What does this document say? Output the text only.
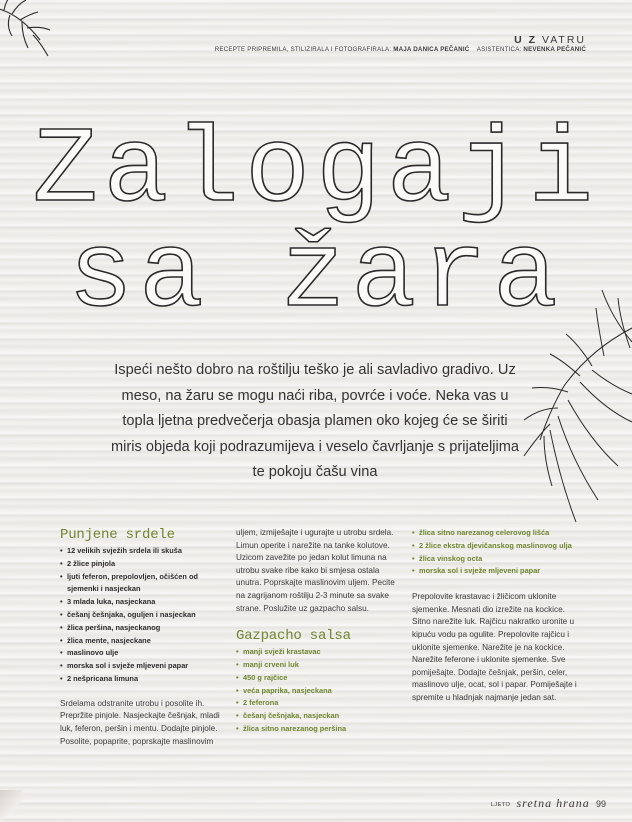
U Z VATRU
RECEPTE PRIPREMILA, STILIZIRALA I FOTOGRAFIRALA: MAJA DANICA PEČANIĆ ASISTENTICA: NEVENKA PEČANIĆ
Zalogaji
sa žara

Ispeći nešto dobro na roštilju teško je ali savladivo gradivo. Uz meso, na žaru se mogu naći riba, povrće i voće. Neka vas u topla ljetna predvečerja obasja plamen oko kojeg će se širiti miris objeda koji podrazumijeva i veselo čavrljanje s prijateljima te pokoju čašu vina

Punjene srdele
• 12 velikih svježih srdela ili skuša
• 2 žlice pinjola
• ljuti feferon, prepolovljen, očišćen od sjemenki i nasjeckan
• 3 mlada luka, nasjeckana
• češanj češnjaka, oguljen i nasjeckan
• žlica peršina, nasjeckanog
• žlica mente, nasjeckane
• maslinovo ulje
• morska sol i svježe mljeveni papar
• 2 nešpricana limuna

Srdelama odstranite utrobu i posolite ih. Prepržite pinjole. Nasjeckajte češnjak, mladi luk, feferon, peršin i mentu. Dodajte pinjole. Posolite, popaprite, poprskajte maslinovim

uljem, izmiješajte i ugurajte u utrobu srdela. Limun operite i narežite na tanke kolutove. Uzicom zavežite po jedan kolut limuna na utrobu svake ribe kako bi smjesa ostala unutra. Poprskajte maslinovim uljem. Pecite na zagrijanom roštilju 2-3 minute sa svake strane. Poslužite uz gazpacho salsu.

Gazpacho salsa
• manji svježi krastavac
• manji crveni luk
• 450 g rajčice
• veća paprika, nasjeckana
• 2 feferona
• češanj češnjaka, nasjeckan
• žlica sitno narezanog peršina
• žlica sitno narezanog celerovog lišća
• 2 žlice ekstra djevičanskog maslinovog ulja
• žlica vinskog octa
• morska sol i svježe mljeveni papar

Prepolovite krastavac i žličicom uklonite sjemenke. Mesnati dio izrežite na kockice. Sitno narežite luk. Rajčicu nakratko uronite u kipuću vodu pa ogulite. Prepolovite rajčicu i uklonite sjemenke. Narežite je na kockice. Narežite feferone i uklonite sjemenke. Sve pomiješajte. Dodajte češnjak, peršin, celer, maslinovo ulje, ocat, sol i papar. Pomiješajte i spremite u hladnjak najmanje jedan sat.

LJETO sretna hrana 99
